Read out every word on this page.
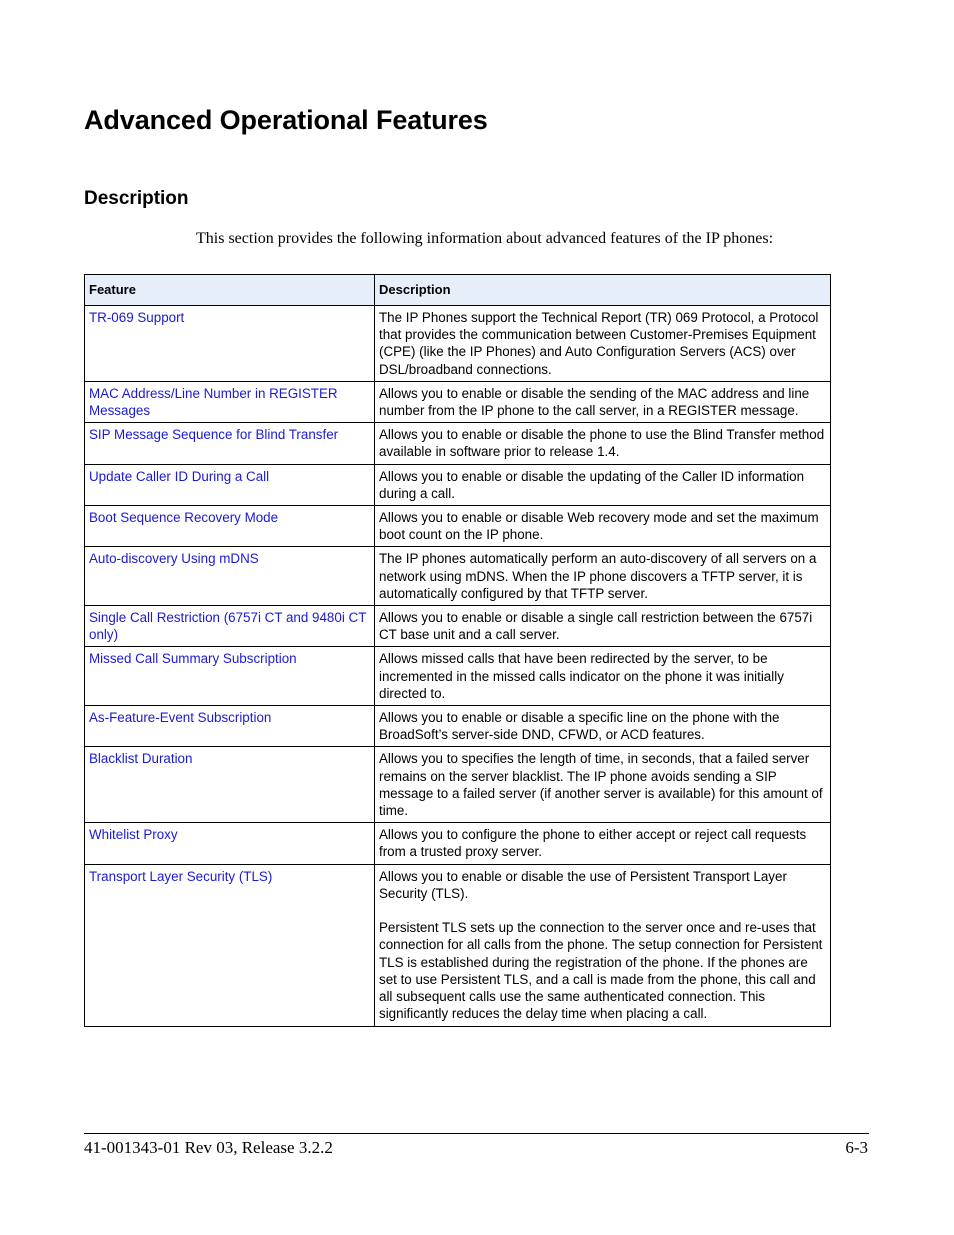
Advanced Operational Features
Description

This section provides the following information about advanced features of the IP phones:

Feature	Description
TR-069 Support	The IP Phones support the Technical Report (TR) 069 Protocol, a Protocol that provides the communication between Customer-Premises Equipment (CPE) (like the IP Phones) and Auto Configuration Servers (ACS) over DSL/broadband connections.

MAC Address/Line Number in REGISTER Messages	Allows you to enable or disable the sending of the MAC address and line number from the IP phone to the call server, in a REGISTER message.

SIP Message Sequence for Blind Transfer	Allows you to enable or disable the phone to use the Blind Transfer method available in software prior to release 1.4.

Update Caller ID During a Call	Allows you to enable or disable the updating of the Caller ID information during a call.

Boot Sequence Recovery Mode	Allows you to enable or disable Web recovery mode and set the maximum boot count on the IP phone.

Auto-discovery Using mDNS	The IP phones automatically perform an auto-discovery of all servers on a network using mDNS. When the IP phone discovers a TFTP server, it is automatically configured by that TFTP server.

Single Call Restriction (6757i CT and 9480i CT only)	Allows you to enable or disable a single call restriction between the 6757i CT base unit and a call server.

Missed Call Summary Subscription	Allows missed calls that have been redirected by the server, to be incremented in the missed calls indicator on the phone it was initially directed to.

As-Feature-Event Subscription	Allows you to enable or disable a specific line on the phone with the BroadSoft’s server-side DND, CFWD, or ACD features.

Blacklist Duration	Allows you to specifies the length of time, in seconds, that a failed server remains on the server blacklist. The IP phone avoids sending a SIP message to a failed server (if another server is available) for this amount of time.

Whitelist Proxy	Allows you to configure the phone to either accept or reject call requests from a trusted proxy server.

Transport Layer Security (TLS)	Allows you to enable or disable the use of Persistent Transport Layer Security (TLS).
Persistent TLS sets up the connection to the server once and re-uses that connection for all calls from the phone. The setup connection for Persistent TLS is established during the registration of the phone. If the phones are set to use Persistent TLS, and a call is made from the phone, this call and all subsequent calls use the same authenticated connection. This significantly reduces the delay time when placing a call.
41-001343-01 Rev 03, Release 3.2.2	6-3
